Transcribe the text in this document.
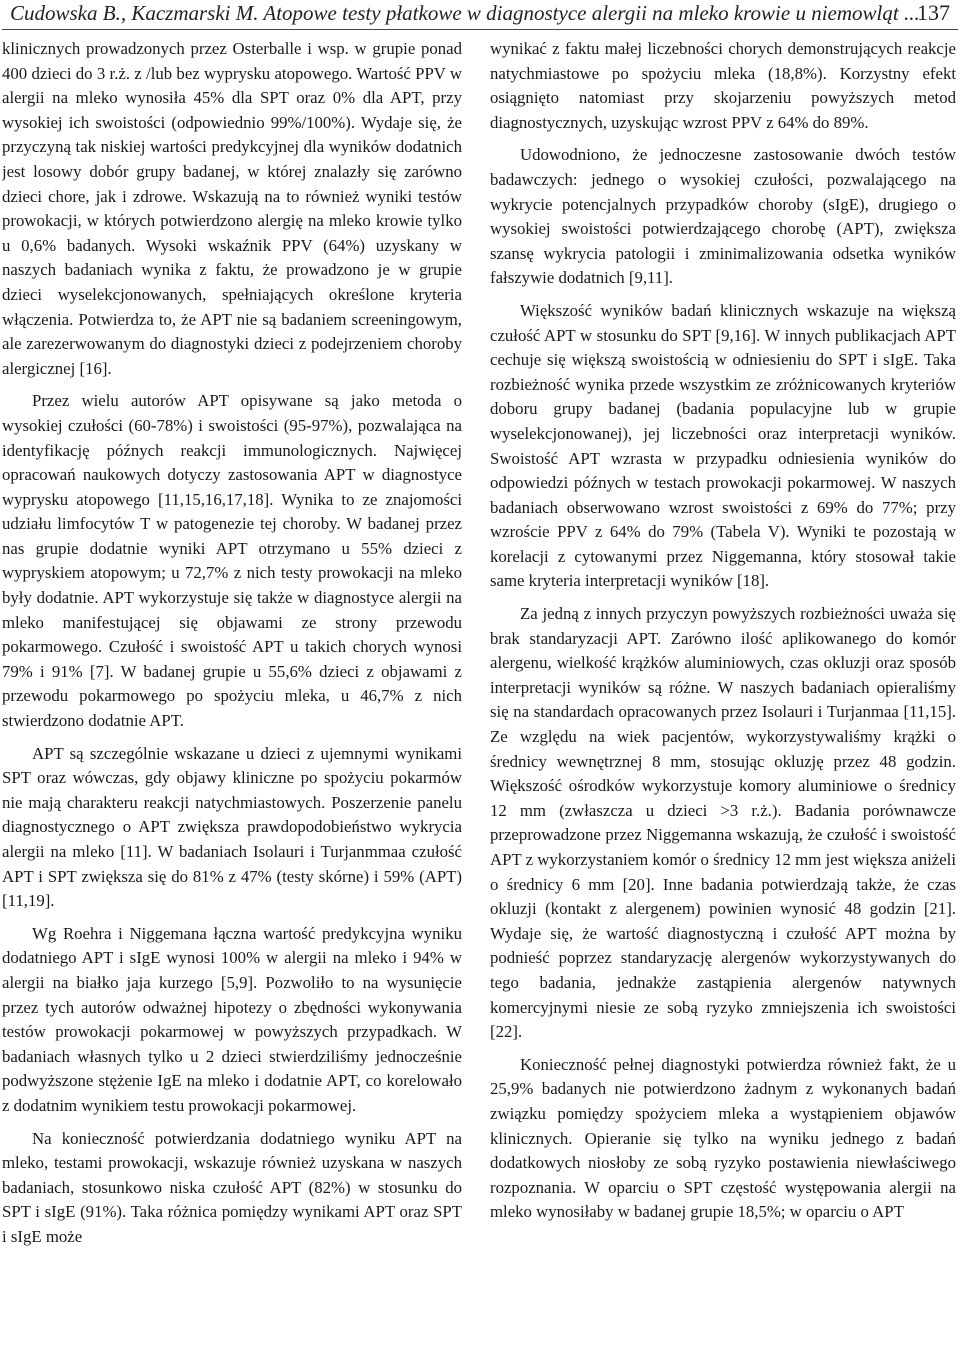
Cudowska B., Kaczmarski M. Atopowe testy płatkowe w diagnostyce alergii na mleko krowie u niemowląt ...
137

klinicznych prowadzonych przez Osterballe i wsp. w grupie ponad 400 dzieci do 3 r.ż. z /lub bez wyprysku atopowego. Wartość PPV w alergii na mleko wynosiła 45% dla SPT oraz 0% dla APT, przy wysokiej ich swoistości (odpowiednio 99%/100%). Wydaje się, że przyczyną tak niskiej wartości predykcyjnej dla wyników dodatnich jest losowy dobór grupy badanej, w której znalazły się zarówno dzieci chore, jak i zdrowe. Wskazują na to również wyniki testów prowokacji, w których potwierdzono alergię na mleko krowie tylko u 0,6% badanych. Wysoki wskaźnik PPV (64%) uzyskany w naszych badaniach wynika z faktu, że prowadzono je w grupie dzieci wyselekcjonowanych, spełniających określone kryteria włączenia. Potwierdza to, że APT nie są badaniem screeningowym, ale zarezerwowanym do diagnostyki dzieci z podejrzeniem choroby alergicznej [16].

Przez wielu autorów APT opisywane są jako metoda o wysokiej czułości (60-78%) i swoistości (95-97%), pozwalająca na identyfikację późnych reakcji immunologicznych. Najwięcej opracowań naukowych dotyczy zastosowania APT w diagnostyce wyprysku atopowego [11,15,16,17,18]. Wynika to ze znajomości udziału limfocytów T w patogenezie tej choroby. W badanej przez nas grupie dodatnie wyniki APT otrzymano u 55% dzieci z wypryskiem atopowym; u 72,7% z nich testy prowokacji na mleko były dodatnie. APT wykorzystuje się także w diagnostyce alergii na mleko manifestującej się objawami ze strony przewodu pokarmowego. Czułość i swoistość APT u takich chorych wynosi 79% i 91% [7]. W badanej grupie u 55,6% dzieci z objawami z przewodu pokarmowego po spożyciu mleka, u 46,7% z nich stwierdzono dodatnie APT.

APT są szczególnie wskazane u dzieci z ujemnymi wynikami SPT oraz wówczas, gdy objawy kliniczne po spożyciu pokarmów nie mają charakteru reakcji natychmiastowych. Poszerzenie panelu diagnostycznego o APT zwiększa prawdopodobieństwo wykrycia alergii na mleko [11]. W badaniach Isolauri i Turjanmmaa czułość APT i SPT zwiększa się do 81% z 47% (testy skórne) i 59% (APT) [11,19].

Wg Roehra i Niggemana łączna wartość predykcyjna wyniku dodatniego APT i sIgE wynosi 100% w alergii na mleko i 94% w alergii na białko jaja kurzego [5,9]. Pozwoliło to na wysunięcie przez tych autorów odważnej hipotezy o zbędności wykonywania testów prowokacji pokarmowej w powyższych przypadkach. W badaniach własnych tylko u 2 dzieci stwierdziliśmy jednocześnie podwyższone stężenie IgE na mleko i dodatnie APT, co korelowało z dodatnim wynikiem testu prowokacji pokarmowej.

Na konieczność potwierdzania dodatniego wyniku APT na mleko, testami prowokacji, wskazuje również uzyskana w naszych badaniach, stosunkowo niska czułość APT (82%) w stosunku do SPT i sIgE (91%). Taka różnica pomiędzy wynikami APT oraz SPT i sIgE może

wynikać z faktu małej liczebności chorych demonstrujących reakcje natychmiastowe po spożyciu mleka (18,8%). Korzystny efekt osiągnięto natomiast przy skojarzeniu powyższych metod diagnostycznych, uzyskując wzrost PPV z 64% do 89%.

Udowodniono, że jednoczesne zastosowanie dwóch testów badawczych: jednego o wysokiej czułości, pozwalającego na wykrycie potencjalnych przypadków choroby (sIgE), drugiego o wysokiej swoistości potwierdzającego chorobę (APT), zwiększa szansę wykrycia patologii i zminimalizowania odsetka wyników fałszywie dodatnich [9,11].

Większość wyników badań klinicznych wskazuje na większą czułość APT w stosunku do SPT [9,16]. W innych publikacjach APT cechuje się większą swoistością w odniesieniu do SPT i sIgE. Taka rozbieżność wynika przede wszystkim ze zróżnicowanych kryteriów doboru grupy badanej (badania populacyjne lub w grupie wyselekcjonowanej), jej liczebności oraz interpretacji wyników. Swoistość APT wzrasta w przypadku odniesienia wyników do odpowiedzi późnych w testach prowokacji pokarmowej. W naszych badaniach obserwowano wzrost swoistości z 69% do 77%; przy wzroście PPV z 64% do 79% (Tabela V). Wyniki te pozostają w korelacji z cytowanymi przez Niggemanna, który stosował takie same kryteria interpretacji wyników [18].

Za jedną z innych przyczyn powyższych rozbieżności uważa się brak standaryzacji APT. Zarówno ilość aplikowanego do komór alergenu, wielkość krążków aluminiowych, czas okluzji oraz sposób interpretacji wyników są różne. W naszych badaniach opieraliśmy się na standardach opracowanych przez Isolauri i Turjanmaa [11,15]. Ze względu na wiek pacjentów, wykorzystywaliśmy krążki o średnicy wewnętrznej 8 mm, stosując okluzję przez 48 godzin. Większość ośrodków wykorzystuje komory aluminiowe o średnicy 12 mm (zwłaszcza u dzieci >3 r.ż.). Badania porównawcze przeprowadzone przez Niggemanna wskazują, że czułość i swoistość APT z wykorzystaniem komór o średnicy 12 mm jest większa aniżeli o średnicy 6 mm [20]. Inne badania potwierdzają także, że czas okluzji (kontakt z alergenem) powinien wynosić 48 godzin [21]. Wydaje się, że wartość diagnostyczną i czułość APT można by podnieść poprzez standaryzację alergenów wykorzystywanych do tego badania, jednakże zastąpienia alergenów natywnych komercyjnymi niesie ze sobą ryzyko zmniejszenia ich swoistości [22].

Konieczność pełnej diagnostyki potwierdza również fakt, że u 25,9% badanych nie potwierdzono żadnym z wykonanych badań związku pomiędzy spożyciem mleka a wystąpieniem objawów klinicznych. Opieranie się tylko na wyniku jednego z badań dodatkowych niosłoby ze sobą ryzyko postawienia niewłaściwego rozpoznania. W oparciu o SPT częstość występowania alergii na mleko wynosiłaby w badanej grupie 18,5%; w oparciu o APT
